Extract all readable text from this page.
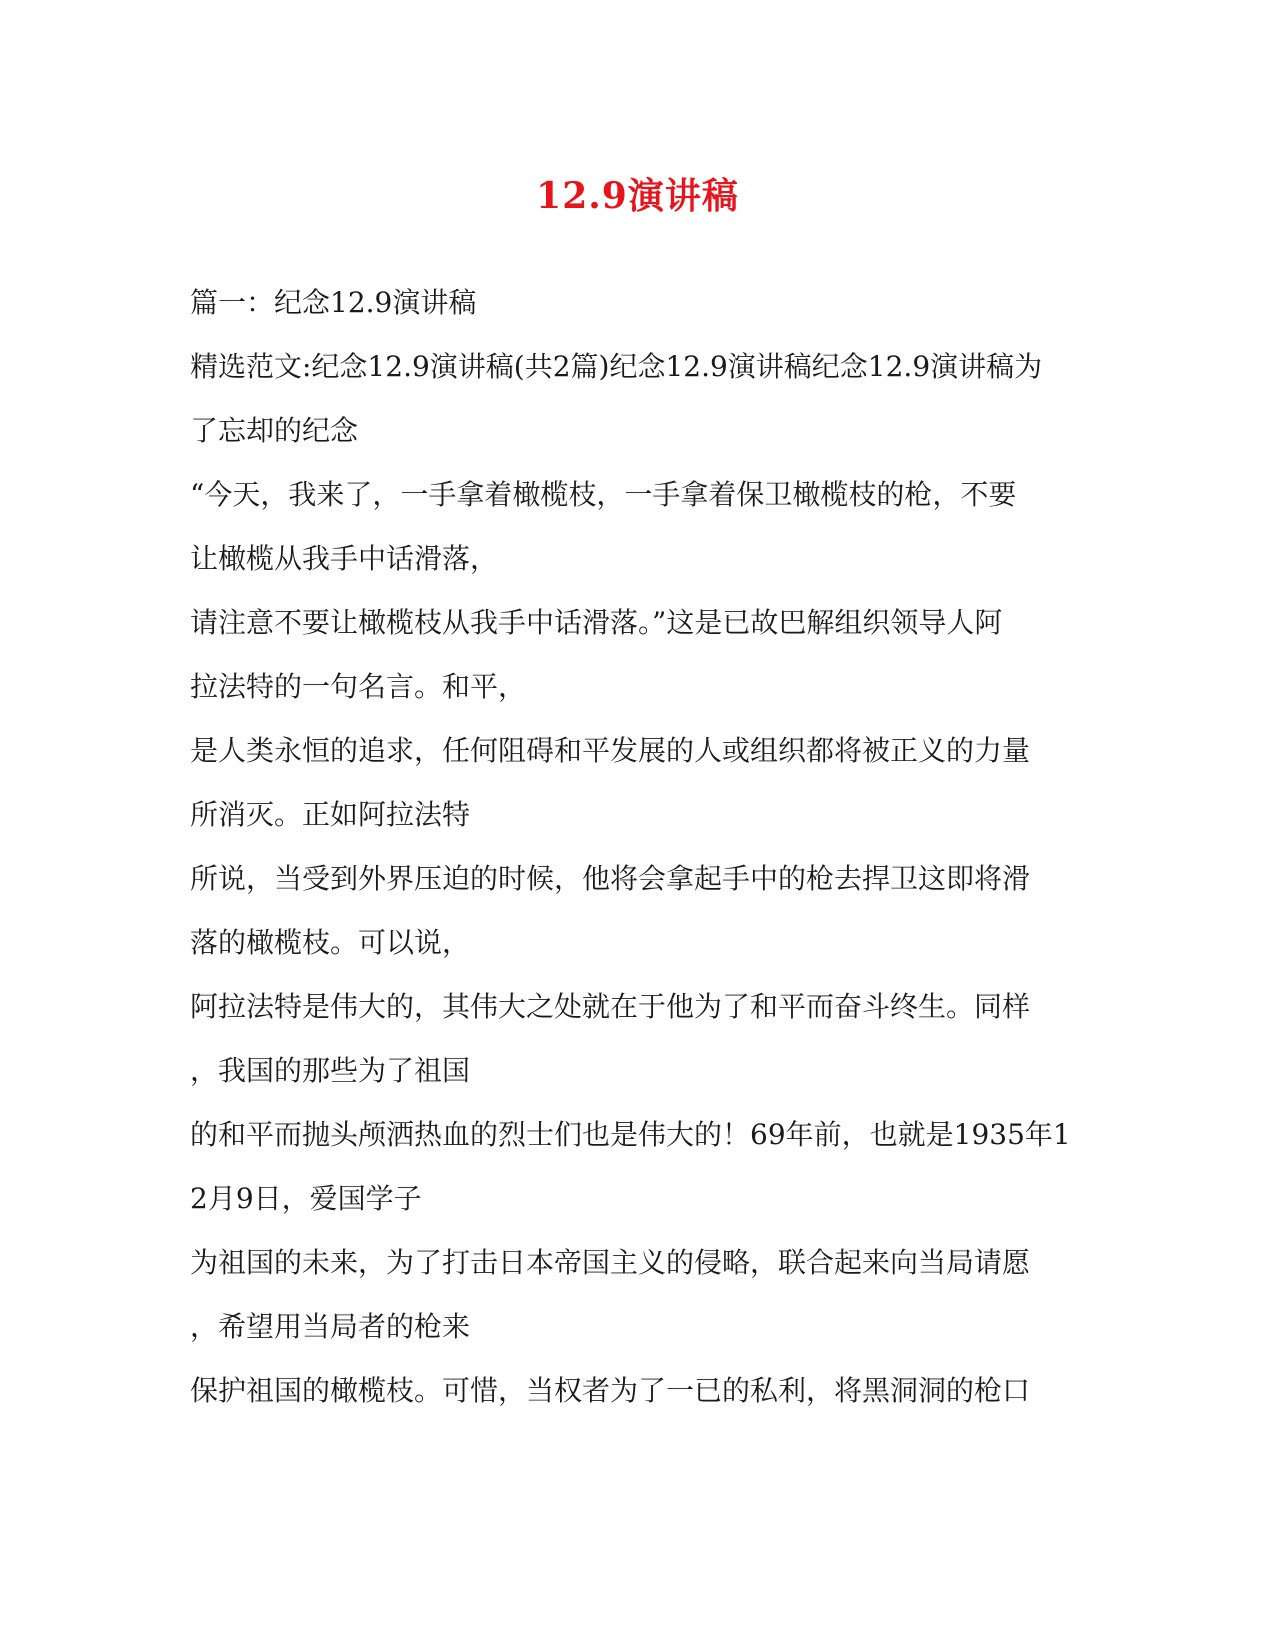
12.9演讲稿
篇一：纪念12.9演讲稿
精选范文:纪念12.9演讲稿(共2篇)纪念12.9演讲稿纪念12.9演讲稿为
了忘却的纪念
“今天，我来了，一手拿着橄榄枝，一手拿着保卫橄榄枝的枪，不要
让橄榄从我手中话滑落，
请注意不要让橄榄枝从我手中话滑落。”这是已故巴解组织领导人阿
拉法特的一句名言。和平，
是人类永恒的追求，任何阻碍和平发展的人或组织都将被正义的力量
所消灭。正如阿拉法特
所说，当受到外界压迫的时候，他将会拿起手中的枪去捍卫这即将滑
落的橄榄枝。可以说，
阿拉法特是伟大的，其伟大之处就在于他为了和平而奋斗终生。同样
，我国的那些为了祖国
的和平而抛头颅洒热血的烈士们也是伟大的！69年前，也就是1935年1
2月9日，爱国学子
为祖国的未来，为了打击日本帝国主义的侵略，联合起来向当局请愿
，希望用当局者的枪来
保护祖国的橄榄枝。可惜，当权者为了一已的私利，将黑洞洞的枪口
